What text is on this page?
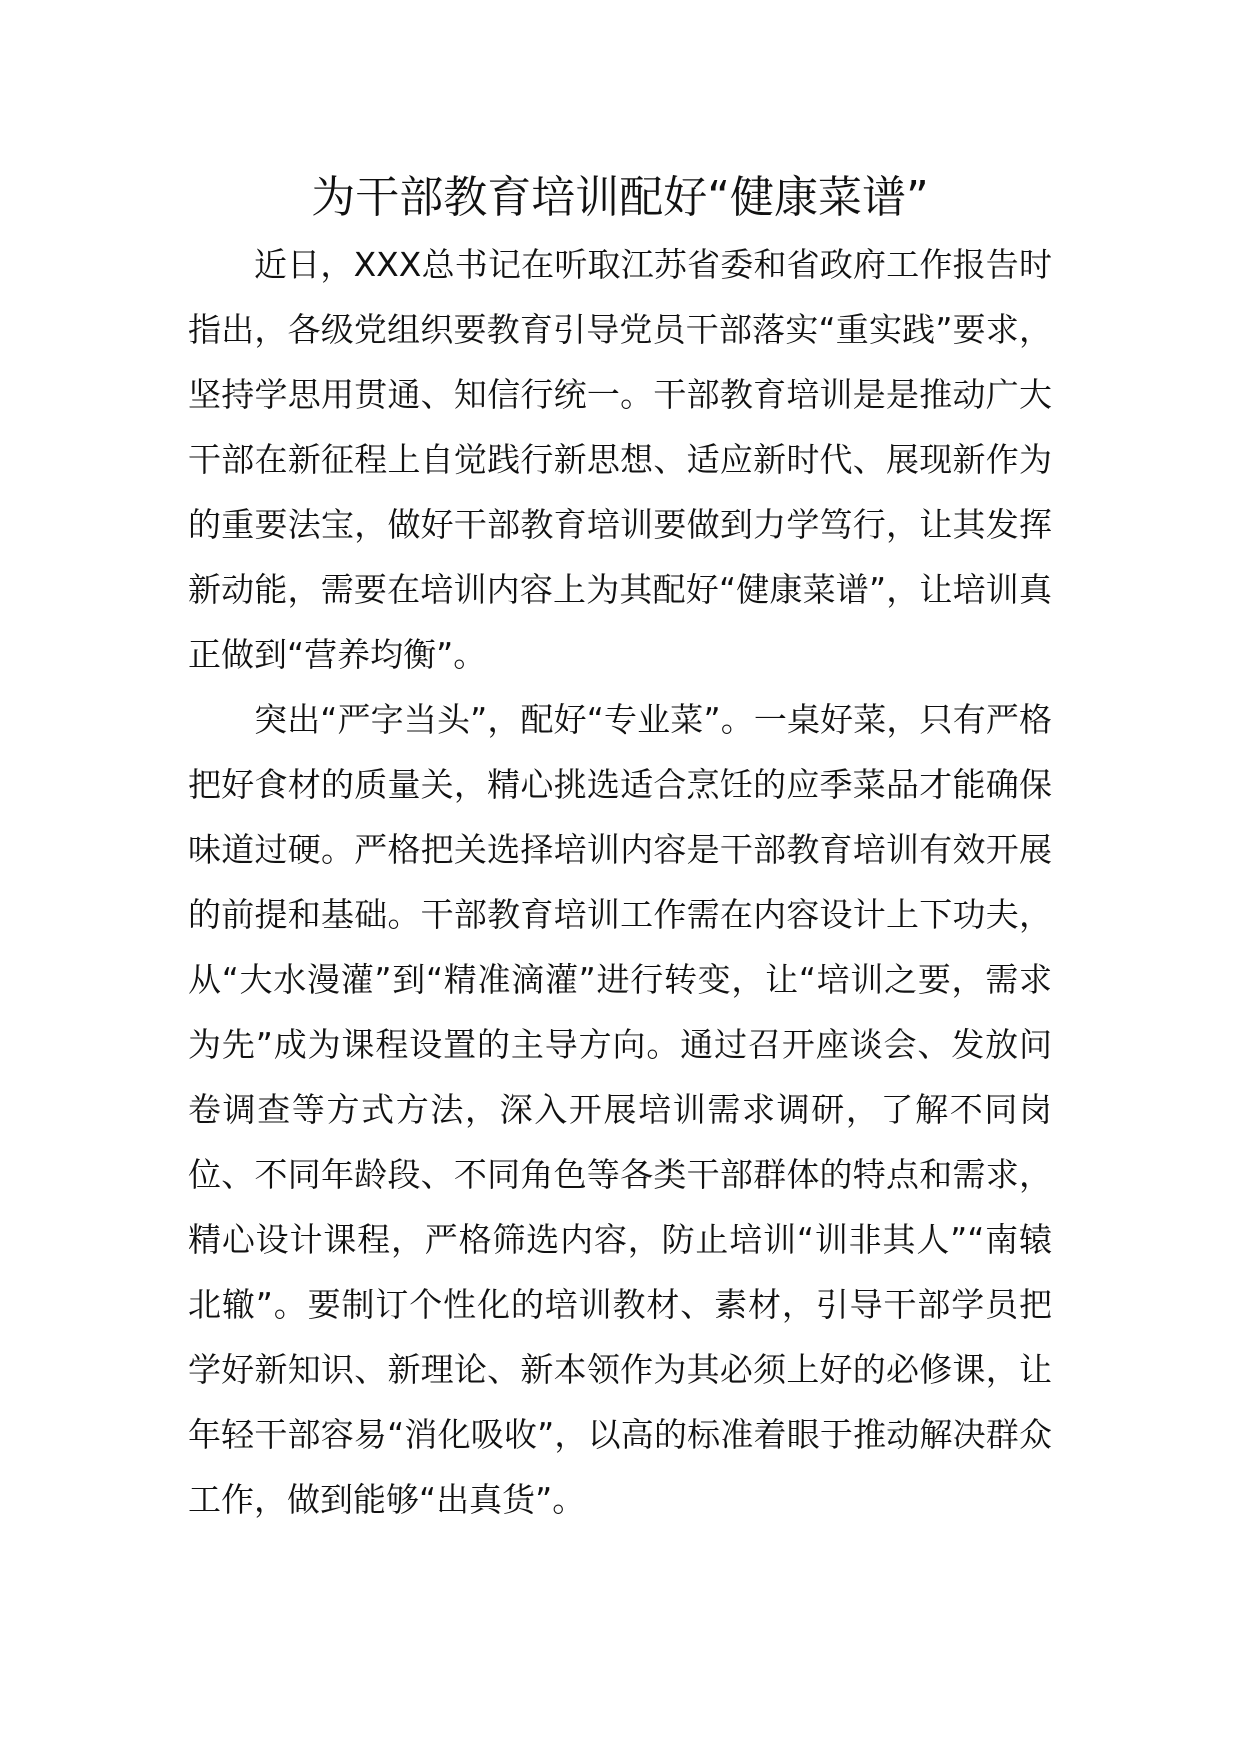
为干部教育培训配好“健康菜谱”

近日，XXX总书记在听取江苏省委和省政府工作报告时指出，各级党组织要教育引导党员干部落实“重实践”要求，坚持学思用贯通、知信行统一。干部教育培训是是推动广大干部在新征程上自觉践行新思想、适应新时代、展现新作为的重要法宝，做好干部教育培训要做到力学笃行，让其发挥新动能，需要在培训内容上为其配好“健康菜谱”，让培训真正做到“营养均衡”。

突出“严字当头”，配好“专业菜”。一桌好菜，只有严格把好食材的质量关，精心挑选适合烹饪的应季菜品才能确保味道过硬。严格把关选择培训内容是干部教育培训有效开展的前提和基础。干部教育培训工作需在内容设计上下功夫，从“大水漫灌”到“精准滴灌”进行转变，让“培训之要，需求为先”成为课程设置的主导方向。通过召开座谈会、发放问卷调查等方式方法，深入开展培训需求调研，了解不同岗位、不同年龄段、不同角色等各类干部群体的特点和需求，精心设计课程，严格筛选内容，防止培训“训非其人”“南辕北辙”。要制订个性化的培训教材、素材，引导干部学员把学好新知识、新理论、新本领作为其必须上好的必修课，让年轻干部容易“消化吸收”，以高的标准着眼于推动解决群众工作，做到能够“出真货”。
